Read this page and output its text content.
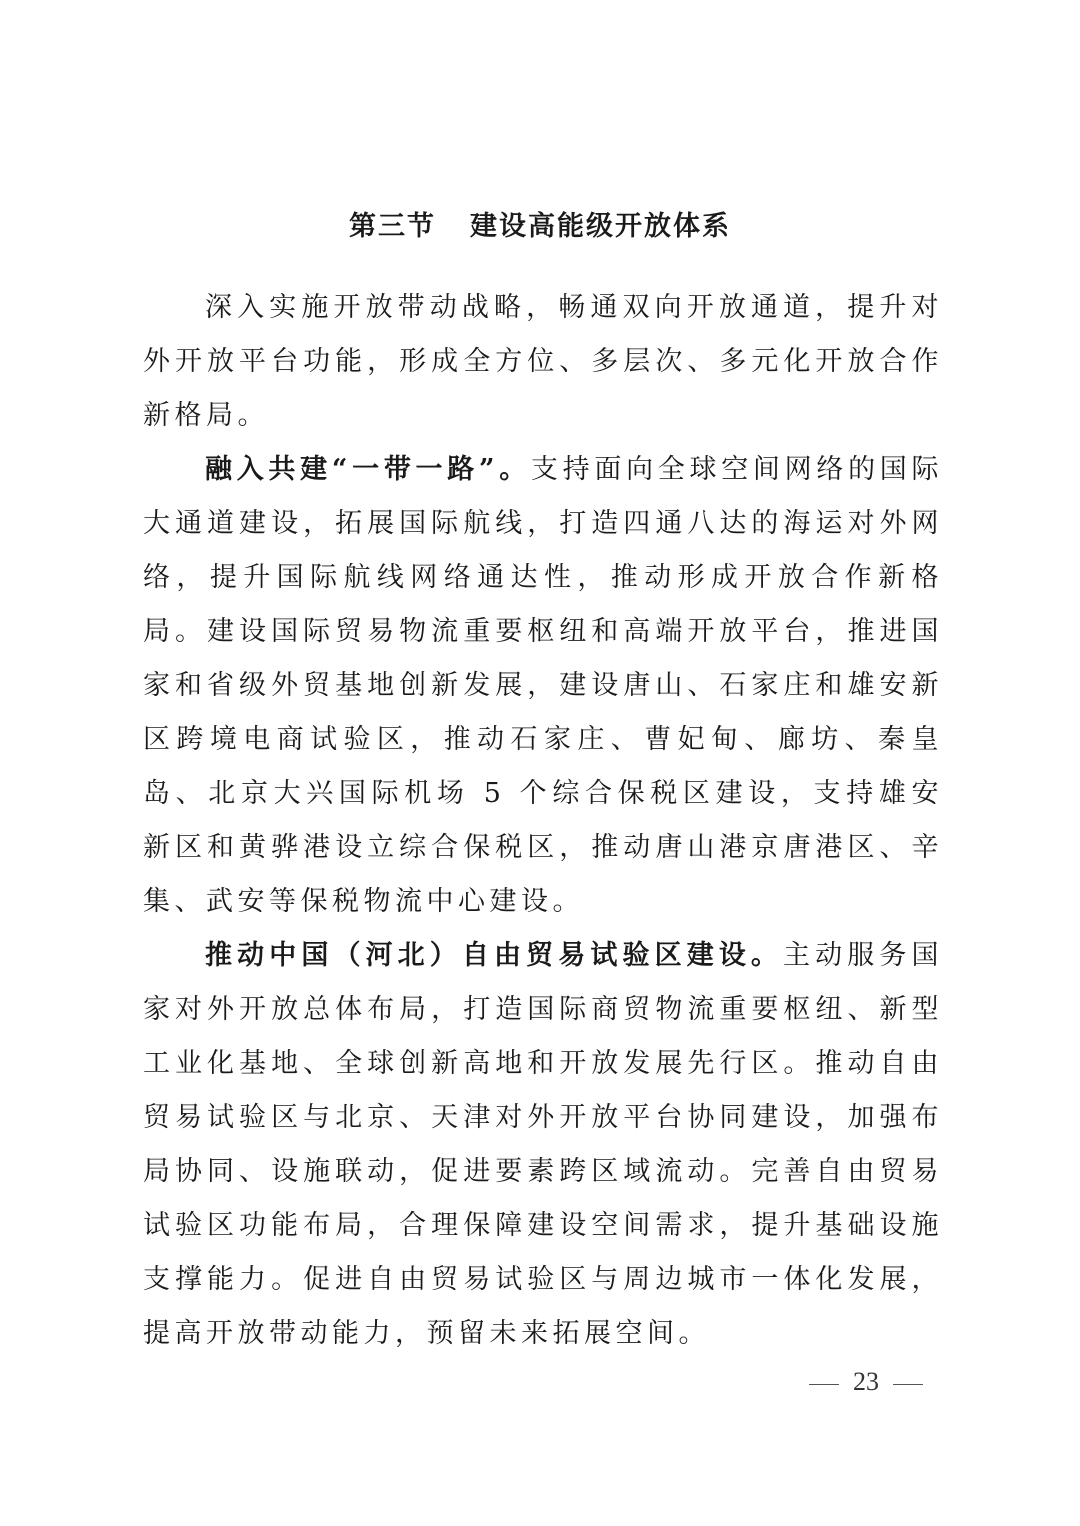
第三节 建设高能级开放体系

深入实施开放带动战略，畅通双向开放通道，提升对外开放平台功能，形成全方位、多层次、多元化开放合作新格局。

融入共建“一带一路”。支持面向全球空间网络的国际大通道建设，拓展国际航线，打造四通八达的海运对外网络，提升国际航线网络通达性，推动形成开放合作新格局。建设国际贸易物流重要枢纽和高端开放平台，推进国家和省级外贸基地创新发展，建设唐山、石家庄和雄安新区跨境电商试验区，推动石家庄、曹妃甸、廊坊、秦皇岛、北京大兴国际机场 5 个综合保税区建设，支持雄安新区和黄骅港设立综合保税区，推动唐山港京唐港区、辛集、武安等保税物流中心建设。

推动中国（河北）自由贸易试验区建设。主动服务国家对外开放总体布局，打造国际商贸物流重要枢纽、新型工业化基地、全球创新高地和开放发展先行区。推动自由贸易试验区与北京、天津对外开放平台协同建设，加强布局协同、设施联动，促进要素跨区域流动。完善自由贸易试验区功能布局，合理保障建设空间需求，提升基础设施支撑能力。促进自由贸易试验区与周边城市一体化发展，提高开放带动能力，预留未来拓展空间。

23
